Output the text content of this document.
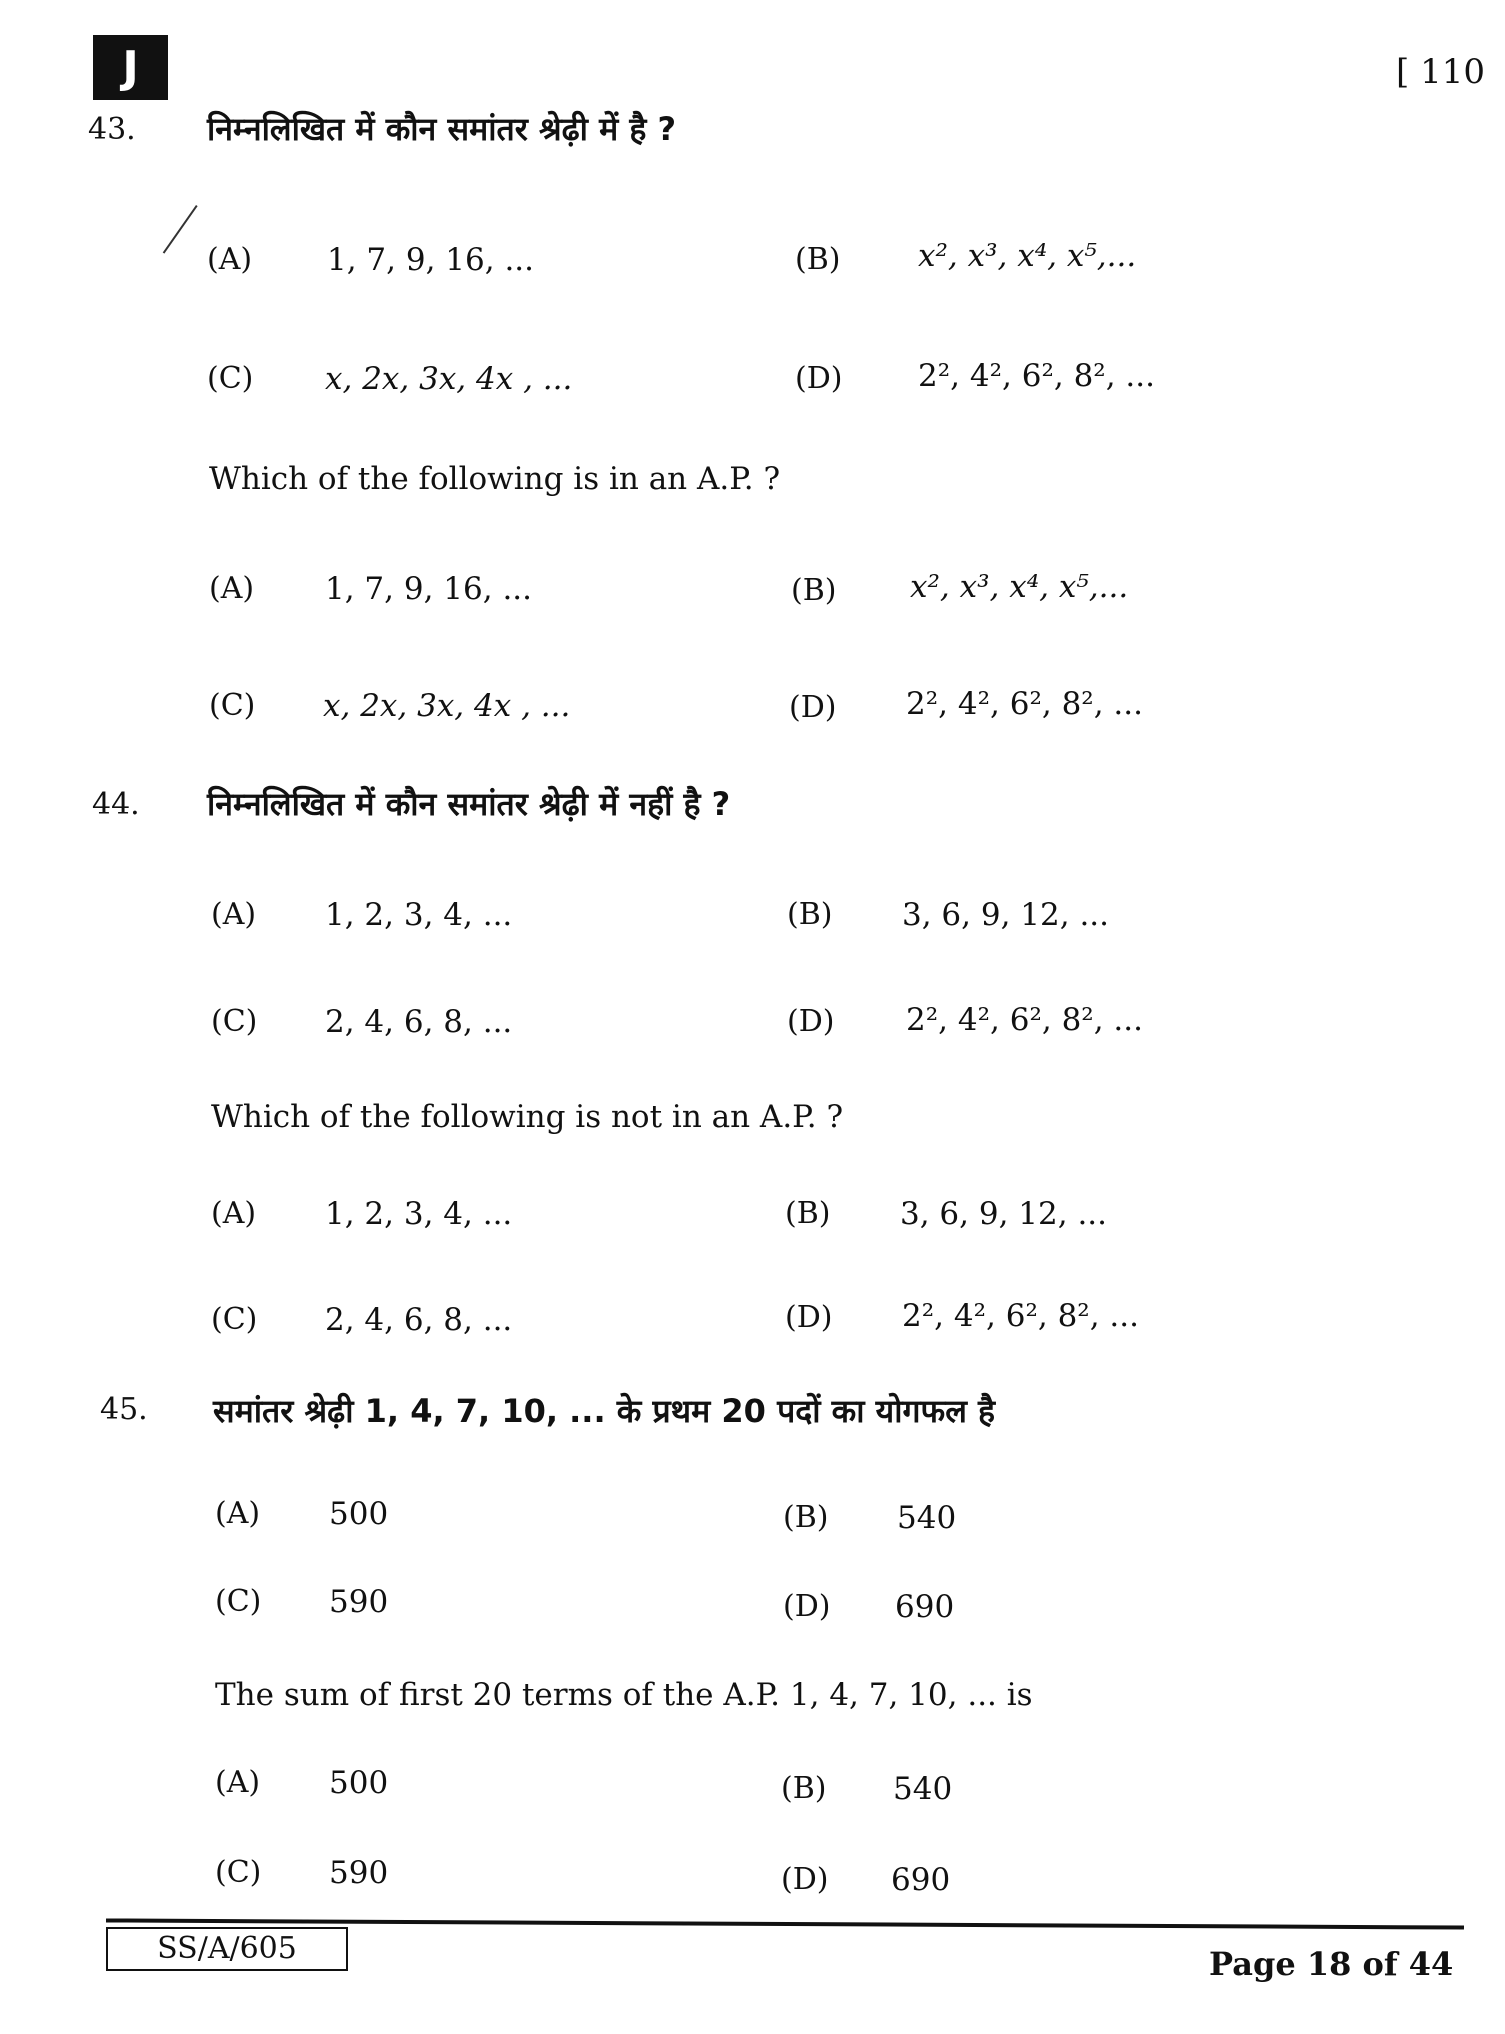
J	[ 110
43. निम्नलिखित में कौन समांतर श्रेढ़ी में है ?
(A) 1, 7, 9, 16, ...	(B)	x², x³, x⁴, x⁵,...
(C) x, 2x, 3x, 4x , ...	(D) 2², 4², 6², 8², ...
Which of the following is in an A.P. ?
(A) 1, 7, 9, 16, ...	(B) x², x³, x⁴, x⁵,...
(C) x, 2x, 3x, 4x , ...	(D) 2², 4², 6², 8², ...
44. निम्नलिखित में कौन समांतर श्रेढ़ी में नहीं है ?
(A) 1, 2, 3, 4, ...	(B) 3, 6, 9, 12, ...
(C) 2, 4, 6, 8, ...	(D) 2², 4², 6², 8², ...
Which of the following is not in an A.P. ?
(A) 1, 2, 3, 4, ...	(B) 3, 6, 9, 12, ...
(C) 2, 4, 6, 8, ...	(D) 2², 4², 6², 8², ...
45. समांतर श्रेढ़ी 1, 4, 7, 10, ... के प्रथम 20 पदों का योगफल है
(A) 500	(B) 540
(C) 590	(D) 690
The sum of first 20 terms of the A.P. 1, 4, 7, 10, ... is
(A) 500	(B) 540
(C) 590	(D) 690
SS/A/605	Page 18 of 44
